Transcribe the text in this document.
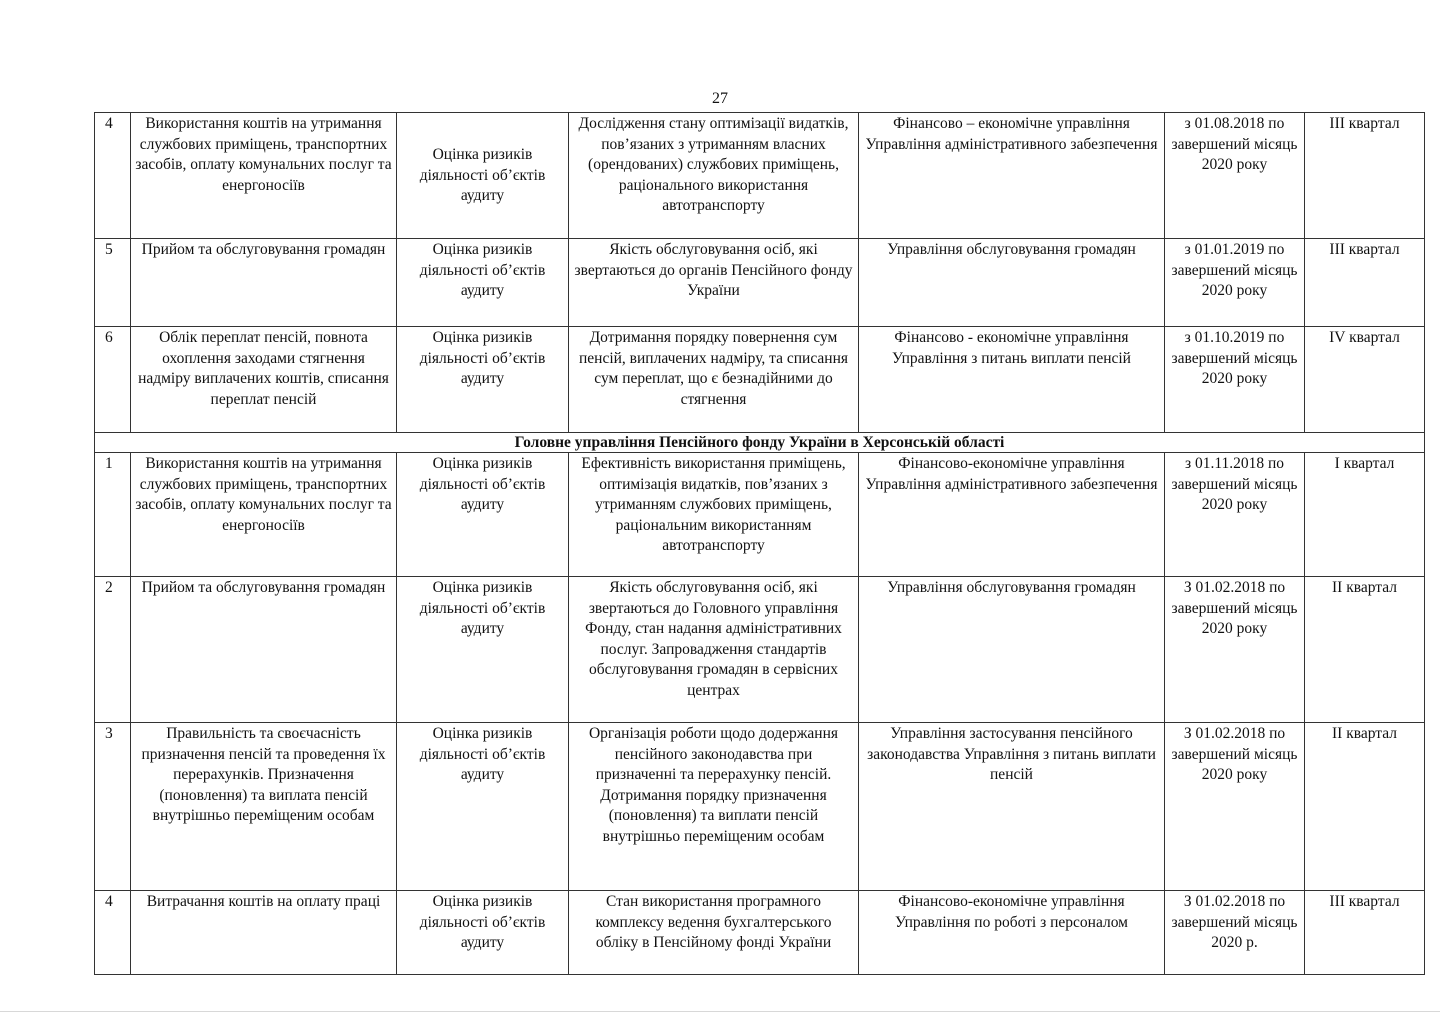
27
4	Використання коштів на утримання службових приміщень, транспортних засобів, оплату комунальних послуг та енергоносіїв	Оцінка ризиків діяльності об’єктів аудиту	Дослідження стану оптимізації видатків, пов’язаних з утриманням власних (орендованих) службових приміщень, раціонального використання автотранспорту	Фінансово – економічне управління Управління адміністративного забезпечення	з 01.08.2018 по завершений місяць 2020 року	ІІІ квартал
5	Прийом та обслуговування громадян	Оцінка ризиків діяльності об’єктів аудиту	Якість обслуговування осіб, які звертаються до органів Пенсійного фонду України	Управління обслуговування громадян	з 01.01.2019 по завершений місяць 2020 року	ІІІ квартал
6	Облік переплат пенсій, повнота охоплення заходами стягнення надміру виплачених коштів, списання переплат пенсій	Оцінка ризиків діяльності об’єктів аудиту	Дотримання порядку повернення сум пенсій, виплачених надміру, та списання сум переплат, що є безнадійними до стягнення	Фінансово - економічне управління Управління з питань виплати пенсій	з 01.10.2019 по завершений місяць 2020 року	IV квартал
Головне управління Пенсійного фонду України в Херсонській області						
1	Використання коштів на утримання службових приміщень, транспортних засобів, оплату комунальних послуг та енергоносіїв	Оцінка ризиків діяльності об’єктів аудиту	Ефективність використання приміщень, оптимізація видатків, пов’язаних з утриманням службових приміщень, раціональним використанням автотранспорту	Фінансово-економічне управління Управління адміністративного забезпечення	з 01.11.2018 по завершений місяць 2020 року	І квартал
2	Прийом та обслуговування громадян	Оцінка ризиків діяльності об’єктів аудиту	Якість обслуговування осіб, які звертаються до Головного управління Фонду, стан надання адміністративних послуг. Запровадження стандартів обслуговування громадян в сервісних центрах	Управління обслуговування громадян	З 01.02.2018 по завершений місяць 2020 року	ІІ квартал
3	Правильність та своєчасність призначення пенсій та проведення їх перерахунків. Призначення (поновлення) та виплата пенсій внутрішньо переміщеним особам	Оцінка ризиків діяльності об’єктів аудиту	Організація роботи щодо додержання пенсійного законодавства при призначенні та перерахунку пенсій. Дотримання порядку призначення (поновлення) та виплати пенсій внутрішньо переміщеним особам	Управління застосування пенсійного законодавства Управління з питань виплати пенсій	З 01.02.2018 по завершений місяць 2020 року	ІІ квартал
4	Витрачання коштів на оплату праці	Оцінка ризиків діяльності об’єктів аудиту	Стан використання програмного комплексу ведення бухгалтерського обліку в Пенсійному фонді України	Фінансово-економічне управління Управління по роботі з персоналом	З 01.02.2018 по завершений місяць 2020 р.	ІІІ квартал
